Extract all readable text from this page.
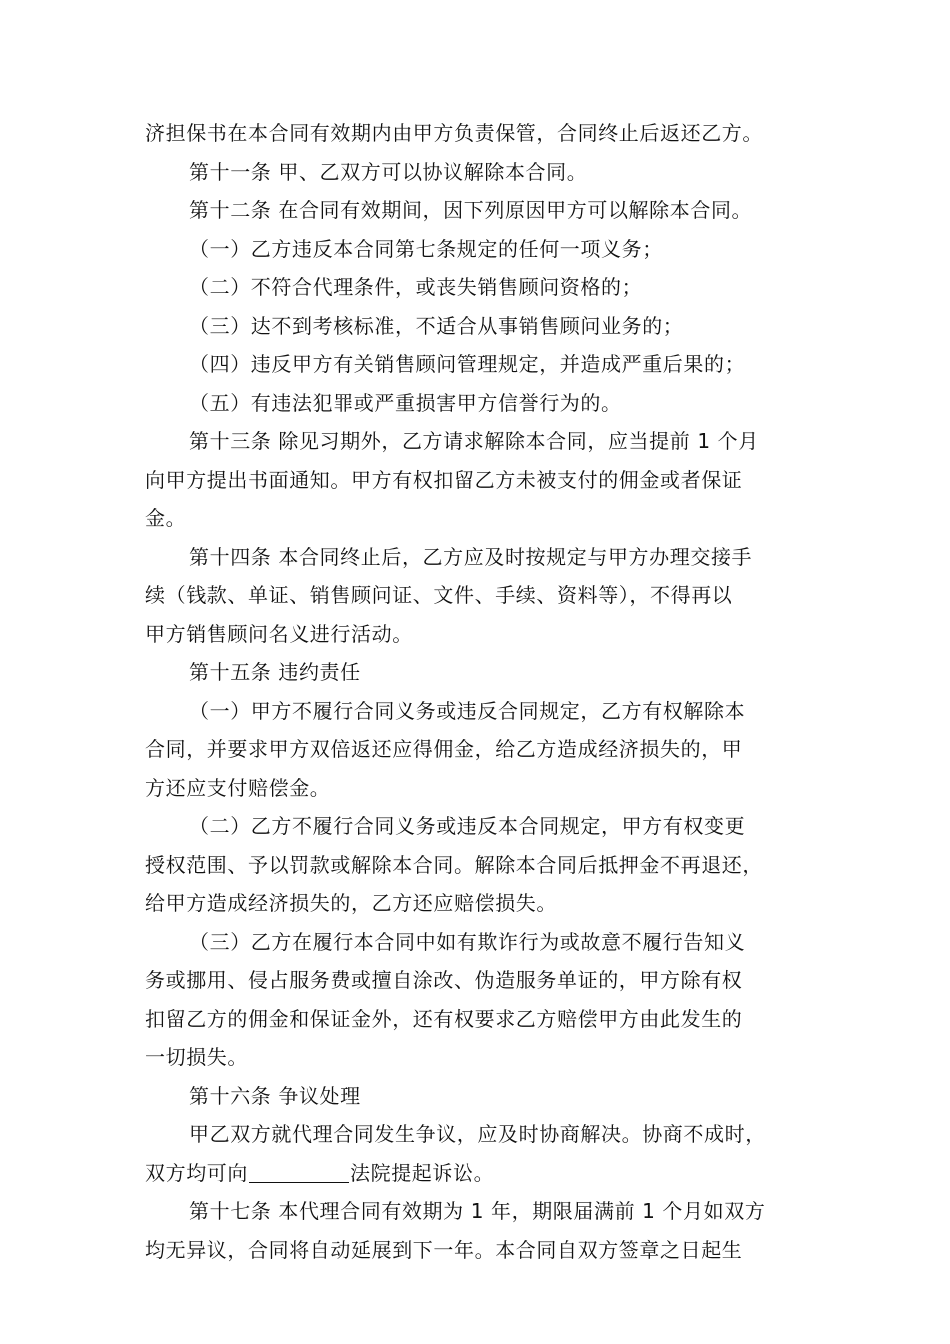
济担保书在本合同有效期内由甲方负责保管，合同终止后返还乙方。
第十一条 甲、乙双方可以协议解除本合同。
第十二条 在合同有效期间，因下列原因甲方可以解除本合同。
（一）乙方违反本合同第七条规定的任何一项义务；
（二）不符合代理条件，或丧失销售顾问资格的；
（三）达不到考核标准，不适合从事销售顾问业务的；
（四）违反甲方有关销售顾问管理规定，并造成严重后果的；
（五）有违法犯罪或严重损害甲方信誉行为的。
第十三条 除见习期外，乙方请求解除本合同，应当提前 1 个月
向甲方提出书面通知。甲方有权扣留乙方未被支付的佣金或者保证
金。
第十四条 本合同终止后，乙方应及时按规定与甲方办理交接手
续（钱款、单证、销售顾问证、文件、手续、资料等），不得再以
甲方销售顾问名义进行活动。
第十五条 违约责任
（一）甲方不履行合同义务或违反合同规定，乙方有权解除本
合同，并要求甲方双倍返还应得佣金，给乙方造成经济损失的，甲
方还应支付赔偿金。
（二）乙方不履行合同义务或违反本合同规定，甲方有权变更
授权范围、予以罚款或解除本合同。解除本合同后抵押金不再退还，
给甲方造成经济损失的，乙方还应赔偿损失。
（三）乙方在履行本合同中如有欺诈行为或故意不履行告知义
务或挪用、侵占服务费或擅自涂改、伪造服务单证的，甲方除有权
扣留乙方的佣金和保证金外，还有权要求乙方赔偿甲方由此发生的
一切损失。
第十六条 争议处理
甲乙双方就代理合同发生争议，应及时协商解决。协商不成时，
双方均可向	法院提起诉讼。
第十七条 本代理合同有效期为 1 年，期限届满前 1 个月如双方
均无异议，合同将自动延展到下一年。本合同自双方签章之日起生
